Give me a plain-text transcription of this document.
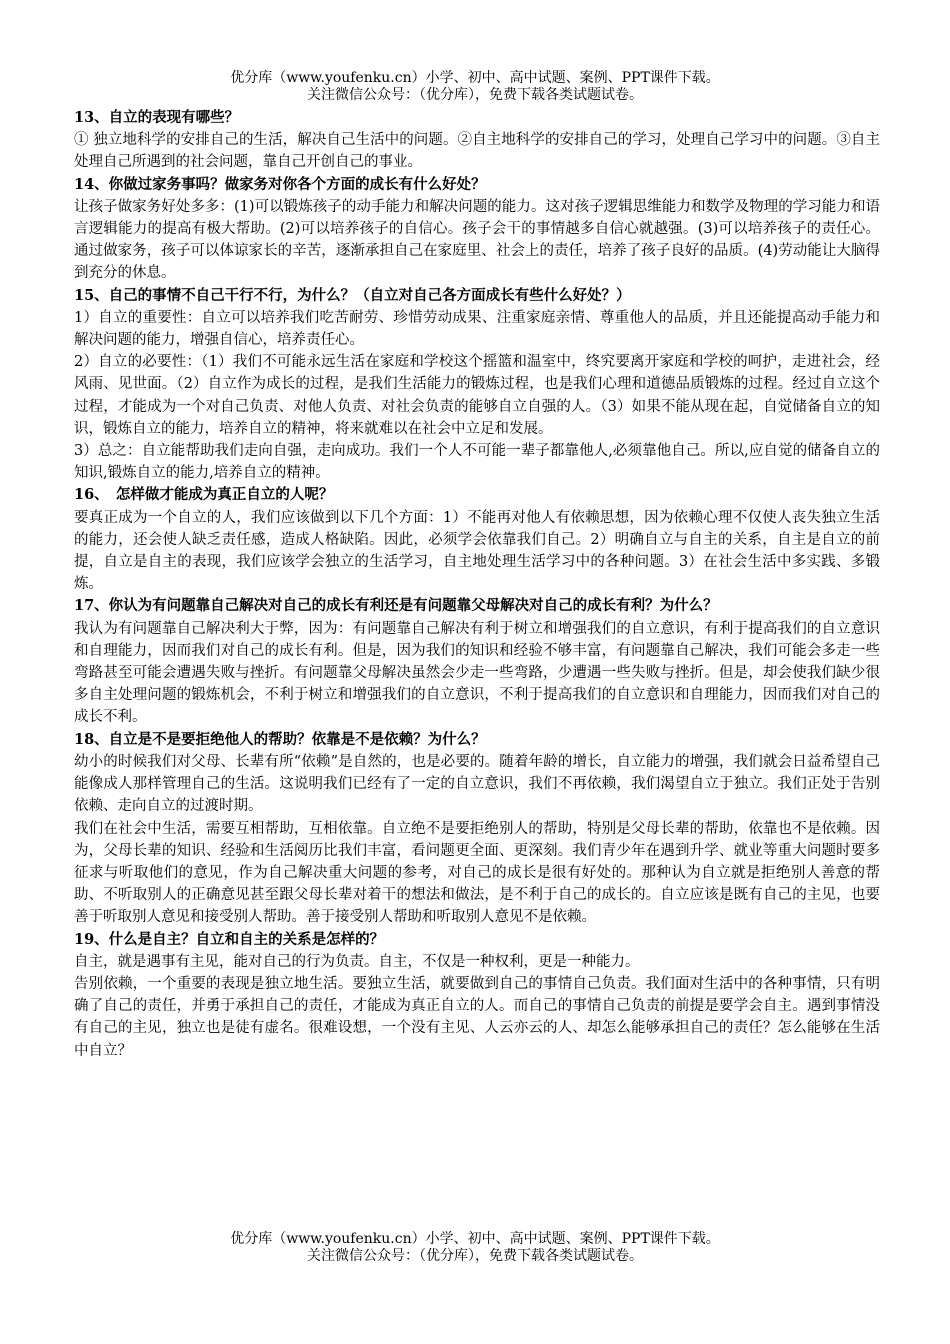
优分库（www.youfenku.cn）小学、初中、高中试题、案例、PPT课件下载。
关注微信公众号：（优分库），免费下载各类试题试卷。
13、自立的表现有哪些？

① 独立地科学的安排自己的生活，解决自己生活中的问题。②自主地科学的安排自己的学习，处理自己学习中的问题。③自主处理自己所遇到的社会问题，靠自己开创自己的事业。

14、你做过家务事吗？做家务对你各个方面的成长有什么好处？

让孩子做家务好处多多：(1)可以锻炼孩子的动手能力和解决问题的能力。这对孩子逻辑思维能力和数学及物理的学习能力和语言逻辑能力的提高有极大帮助。(2)可以培养孩子的自信心。孩子会干的事情越多自信心就越强。(3)可以培养孩子的责任心。通过做家务，孩子可以体谅家长的辛苦，逐渐承担自己在家庭里、社会上的责任，培养了孩子良好的品质。(4)劳动能让大脑得到充分的休息。

15、自己的事情不自己干行不行，为什么？（自立对自己各方面成长有些什么好处？）

1）自立的重要性：自立可以培养我们吃苦耐劳、珍惜劳动成果、注重家庭亲情、尊重他人的品质，并且还能提高动手能力和解决问题的能力，增强自信心，培养责任心。

2）自立的必要性：（1）我们不可能永远生活在家庭和学校这个摇篮和温室中，终究要离开家庭和学校的呵护，走进社会，经风雨、见世面。（2）自立作为成长的过程，是我们生活能力的锻炼过程，也是我们心理和道德品质锻炼的过程。经过自立这个过程，才能成为一个对自己负责、对他人负责、对社会负责的能够自立自强的人。（3）如果不能从现在起，自觉储备自立的知识，锻炼自立的能力，培养自立的精神，将来就难以在社会中立足和发展。

3）总之：自立能帮助我们走向自强，走向成功。我们一个人不可能一辈子都靠他人,必须靠他自己。所以,应自觉的储备自立的知识,锻炼自立的能力,培养自立的精神。

16、　怎样做才能成为真正自立的人呢？

要真正成为一个自立的人，我们应该做到以下几个方面：1）不能再对他人有依赖思想，因为依赖心理不仅使人丧失独立生活的能力，还会使人缺乏责任感，造成人格缺陷。因此，必须学会依靠我们自己。2）明确自立与自主的关系，自主是自立的前提，自立是自主的表现，我们应该学会独立的生活学习，自主地处理生活学习中的各种问题。3）在社会生活中多实践、多锻炼。

17、你认为有问题靠自己解决对自己的成长有利还是有问题靠父母解决对自己的成长有利？为什么？

我认为有问题靠自己解决利大于弊，因为：有问题靠自己解决有利于树立和增强我们的自立意识，有利于提高我们的自立意识和自理能力，因而我们对自己的成长有利。但是，因为我们的知识和经验不够丰富，有问题靠自己解决，我们可能会多走一些弯路甚至可能会遭遇失败与挫折。有问题靠父母解决虽然会少走一些弯路，少遭遇一些失败与挫折。但是，却会使我们缺少很多自主处理问题的锻炼机会，不利于树立和增强我们的自立意识，不利于提高我们的自立意识和自理能力，因而我们对自己的成长不利。

18、自立是不是要拒绝他人的帮助？依靠是不是依赖？为什么？

幼小的时候我们对父母、长辈有所“依赖”是自然的，也是必要的。随着年龄的增长，自立能力的增强，我们就会日益希望自己能像成人那样管理自己的生活。这说明我们已经有了一定的自立意识，我们不再依赖，我们渴望自立于独立。我们正处于告别依赖、走向自立的过渡时期。

我们在社会中生活，需要互相帮助，互相依靠。自立绝不是要拒绝别人的帮助，特别是父母长辈的帮助，依靠也不是依赖。因为，父母长辈的知识、经验和生活阅历比我们丰富，看问题更全面、更深刻。我们青少年在遇到升学、就业等重大问题时要多征求与听取他们的意见，作为自己解决重大问题的参考，对自己的成长是很有好处的。那种认为自立就是拒绝别人善意的帮助、不听取别人的正确意见甚至跟父母长辈对着干的想法和做法，是不利于自己的成长的。自立应该是既有自己的主见，也要善于听取别人意见和接受别人帮助。善于接受别人帮助和听取别人意见不是依赖。

19、什么是自主？自立和自主的关系是怎样的？

自主，就是遇事有主见，能对自己的行为负责。自主，不仅是一种权利，更是一种能力。

告别依赖，一个重要的表现是独立地生活。要独立生活，就要做到自己的事情自己负责。我们面对生活中的各种事情，只有明确了自己的责任，并勇于承担自己的责任，才能成为真正自立的人。而自己的事情自己负责的前提是要学会自主。遇到事情没有自己的主见，独立也是徒有虚名。很难设想，一个没有主见、人云亦云的人、却怎么能够承担自己的责任？怎么能够在生活中自立？

优分库（www.youfenku.cn）小学、初中、高中试题、案例、PPT课件下载。
关注微信公众号：（优分库），免费下载各类试题试卷。
